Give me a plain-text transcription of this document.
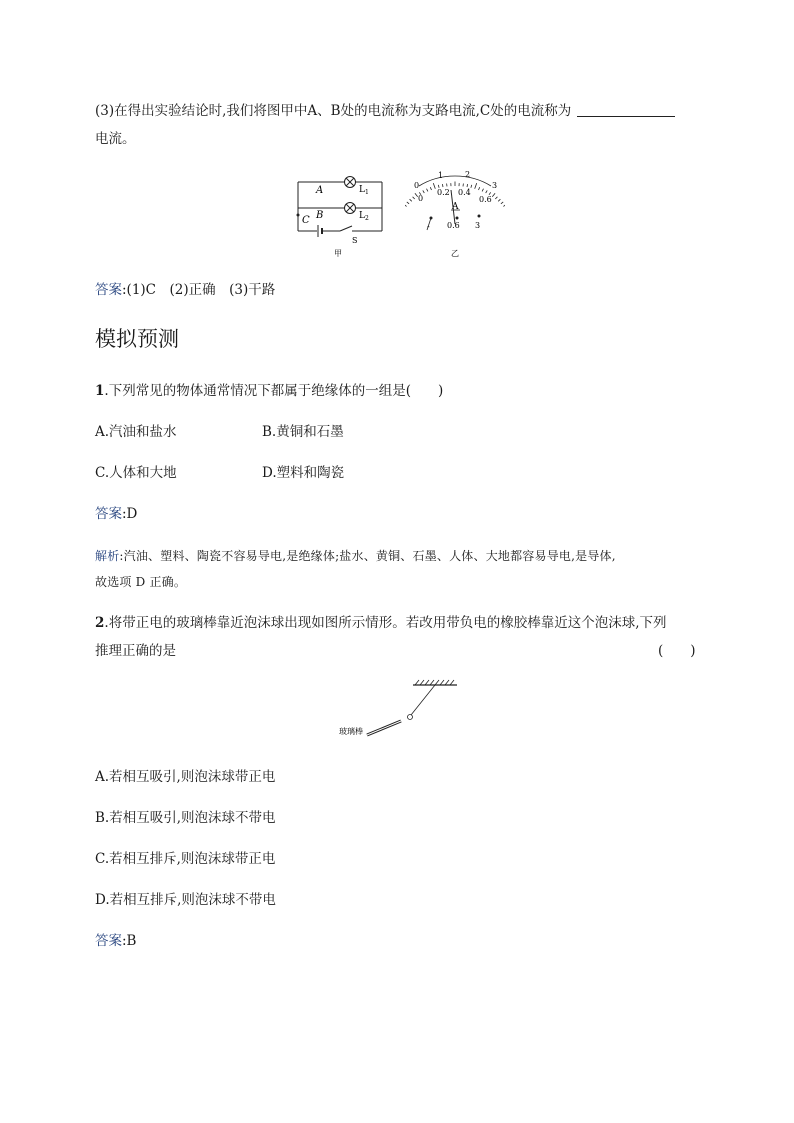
(3)在得出实验结论时,我们将图甲中A、B处的电流称为支路电流,C处的电流称为
电流。
A
B
C
$L_1$
$L_2$
S
甲
0
1	2
3
0
0.2 0.4
0.6
A
- 0.6 3
乙
答案:(1)C　(2)正确　(3)干路
模拟预测
1.下列常见的物体通常情况下都属于绝缘体的一组是(　　)
A.汽油和盐水	B.黄铜和石墨
C.人体和大地	D.塑料和陶瓷
答案:D
解析:汽油、塑料、陶瓷不容易导电,是绝缘体;盐水、黄铜、石墨、人体、大地都容易导电,是导体,
故选项 D 正确。
2.将带正电的玻璃棒靠近泡沫球出现如图所示情形。若改用带负电的橡胶棒靠近这个泡沫球,下列
推理正确的是	(　　)
玻璃棒
A.若相互吸引,则泡沫球带正电
B.若相互吸引,则泡沫球不带电
C.若相互排斥,则泡沫球带正电
D.若相互排斥,则泡沫球不带电
答案:B
